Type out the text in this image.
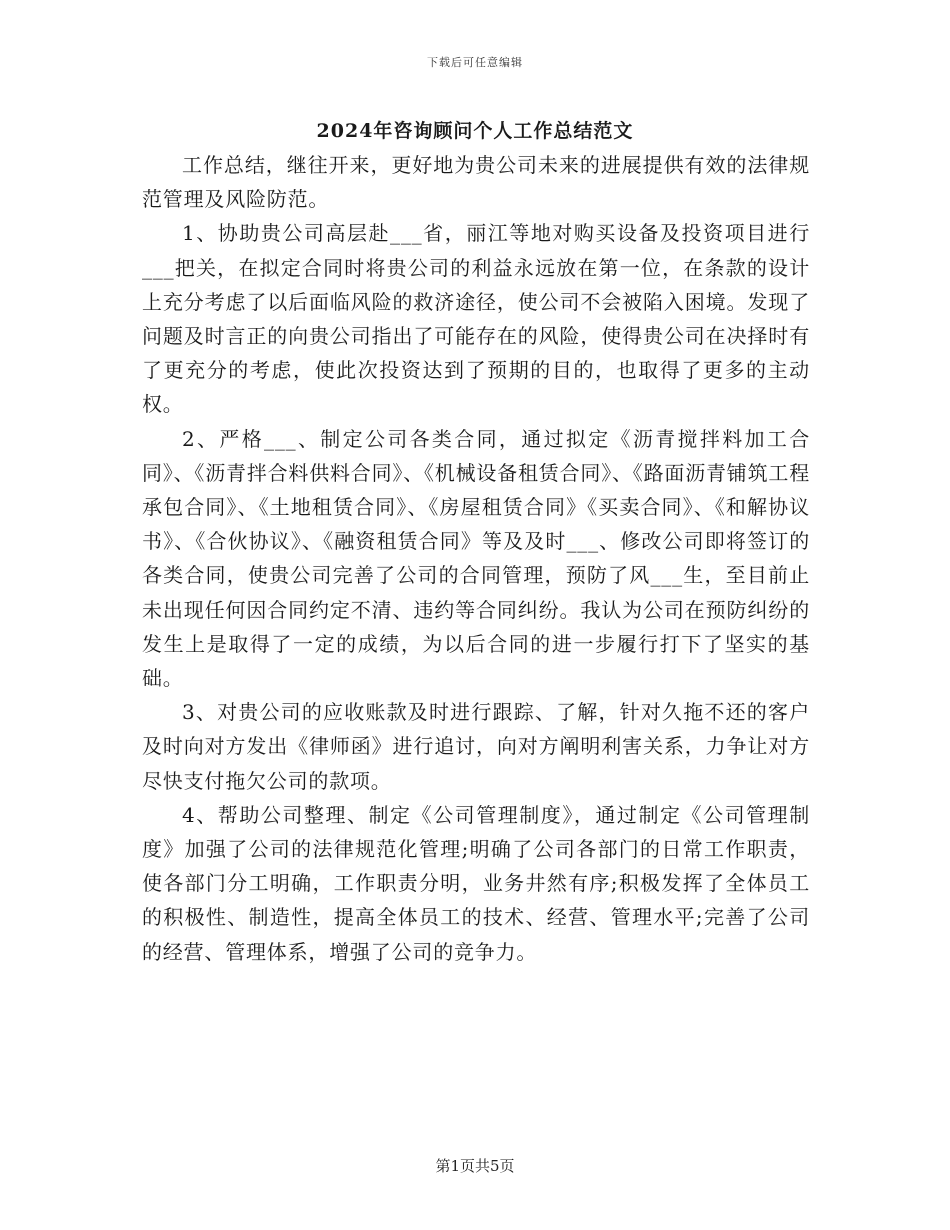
下载后可任意编辑
2024年咨询顾问个人工作总结范文

工作总结，继往开来，更好地为贵公司未来的进展提供有效的法律规范管理及风险防范。

1、协助贵公司高层赴___省，丽江等地对购买设备及投资项目进行___把关，在拟定合同时将贵公司的利益永远放在第一位，在条款的设计上充分考虑了以后面临风险的救济途径，使公司不会被陷入困境。发现了问题及时言正的向贵公司指出了可能存在的风险，使得贵公司在决择时有了更充分的考虑，使此次投资达到了预期的目的，也取得了更多的主动权。

2、严格___、制定公司各类合同，通过拟定《沥青搅拌料加工合同》、《沥青拌合料供料合同》、《机械设备租赁合同》、《路面沥青铺筑工程承包合同》、《土地租赁合同》、《房屋租赁合同》《买卖合同》、《和解协议书》、《合伙协议》、《融资租赁合同》等及及时___、修改公司即将签订的各类合同，使贵公司完善了公司的合同管理，预防了风___生，至目前止未出现任何因合同约定不清、违约等合同纠纷。我认为公司在预防纠纷的发生上是取得了一定的成绩，为以后合同的进一步履行打下了坚实的基础。

3、对贵公司的应收账款及时进行跟踪、了解，针对久拖不还的客户及时向对方发出《律师函》进行追讨，向对方阐明利害关系，力争让对方尽快支付拖欠公司的款项。

4、帮助公司整理、制定《公司管理制度》，通过制定《公司管理制度》加强了公司的法律规范化管理;明确了公司各部门的日常工作职责，使各部门分工明确，工作职责分明，业务井然有序;积极发挥了全体员工的积极性、制造性，提高全体员工的技术、经营、管理水平;完善了公司的经营、管理体系，增强了公司的竞争力。

第1页共5页
